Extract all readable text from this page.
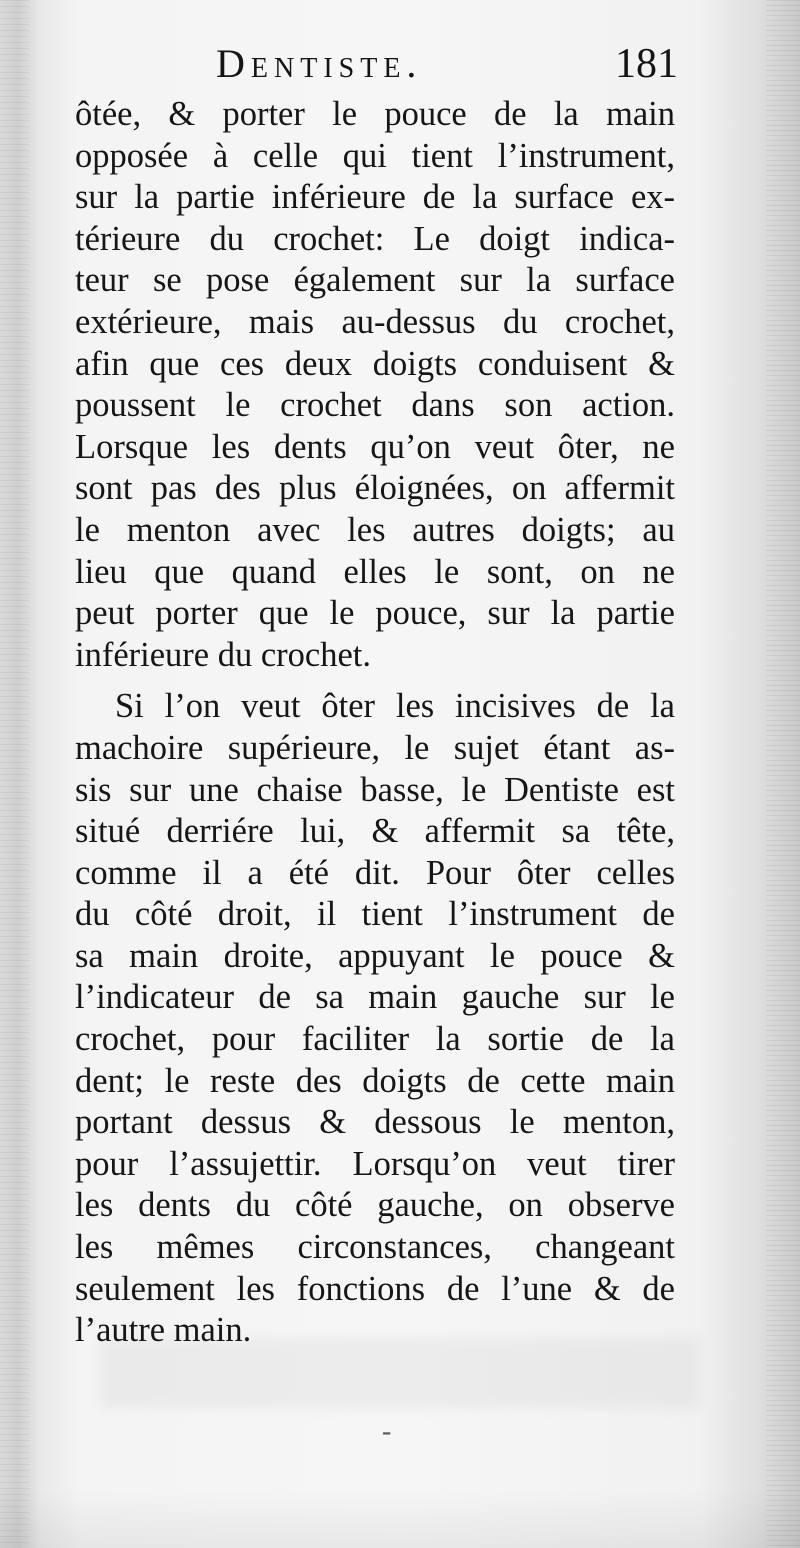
Dentiste.	181
ôtée, & porter le pouce de la main
opposée à celle qui tient l’instrument,
sur la partie inférieure de la surface ex-
térieure du crochet: Le doigt indica-
teur se pose également sur la surface
extérieure, mais au-dessus du crochet,
afin que ces deux doigts conduisent &
poussent le crochet dans son action.
Lorsque les dents qu’on veut ôter, ne
sont pas des plus éloignées, on affermit
le menton avec les autres doigts; au
lieu que quand elles le sont, on ne
peut porter que le pouce, sur la partie
inférieure du crochet.
Si l’on veut ôter les incisives de la
machoire supérieure, le sujet étant as-
sis sur une chaise basse, le Dentiste est
situé derriére lui, & affermit sa tête,
comme il a été dit. Pour ôter celles
du côté droit, il tient l’instrument de
sa main droite, appuyant le pouce &
l’indicateur de sa main gauche sur le
crochet, pour faciliter la sortie de la
dent; le reste des doigts de cette main
portant dessus & dessous le menton,
pour l’assujettir. Lorsqu’on veut tirer
les dents du côté gauche, on observe
les mêmes circonstances, changeant
seulement les fonctions de l’une & de
l’autre main.
-
